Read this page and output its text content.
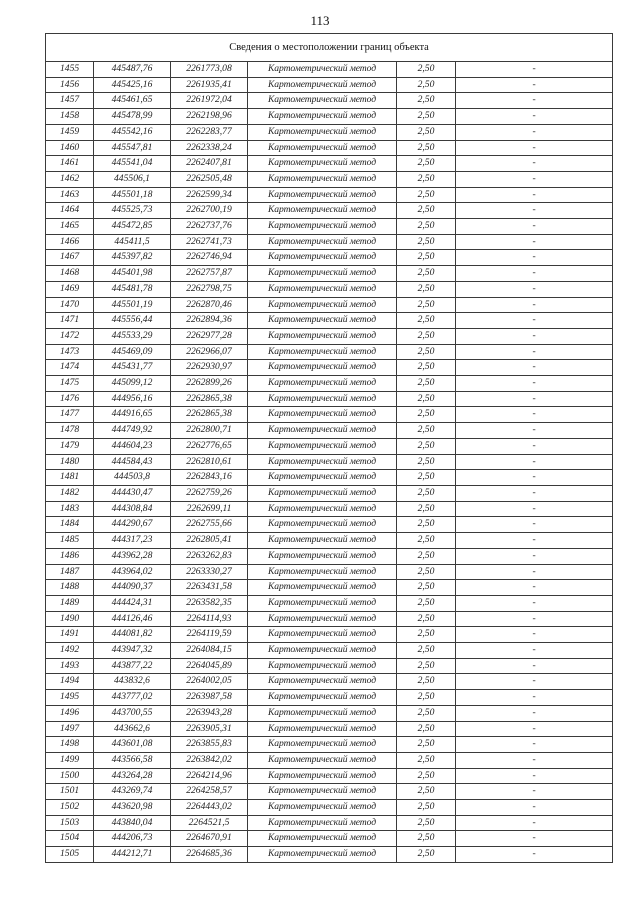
113
Сведения о местоположении границ объекта					
1455	445487,76	2261773,08	Картометрический метод	2,50	-
1456	445425,16	2261935,41	Картометрический метод	2,50	-
1457	445461,65	2261972,04	Картометрический метод	2,50	-
1458	445478,99	2262198,96	Картометрический метод	2,50	-
1459	445542,16	2262283,77	Картометрический метод	2,50	-
1460	445547,81	2262338,24	Картометрический метод	2,50	-
1461	445541,04	2262407,81	Картометрический метод	2,50	-
1462	445506,1	2262505,48	Картометрический метод	2,50	-
1463	445501,18	2262599,34	Картометрический метод	2,50	-
1464	445525,73	2262700,19	Картометрический метод	2,50	-
1465	445472,85	2262737,76	Картометрический метод	2,50	-
1466	445411,5	2262741,73	Картометрический метод	2,50	-
1467	445397,82	2262746,94	Картометрический метод	2,50	-
1468	445401,98	2262757,87	Картометрический метод	2,50	-
1469	445481,78	2262798,75	Картометрический метод	2,50	-
1470	445501,19	2262870,46	Картометрический метод	2,50	-
1471	445556,44	2262894,36	Картометрический метод	2,50	-
1472	445533,29	2262977,28	Картометрический метод	2,50	-
1473	445469,09	2262966,07	Картометрический метод	2,50	-
1474	445431,77	2262930,97	Картометрический метод	2,50	-
1475	445099,12	2262899,26	Картометрический метод	2,50	-
1476	444956,16	2262865,38	Картометрический метод	2,50	-
1477	444916,65	2262865,38	Картометрический метод	2,50	-
1478	444749,92	2262800,71	Картометрический метод	2,50	-
1479	444604,23	2262776,65	Картометрический метод	2,50	-
1480	444584,43	2262810,61	Картометрический метод	2,50	-
1481	444503,8	2262843,16	Картометрический метод	2,50	-
1482	444430,47	2262759,26	Картометрический метод	2,50	-
1483	444308,84	2262699,11	Картометрический метод	2,50	-
1484	444290,67	2262755,66	Картометрический метод	2,50	-
1485	444317,23	2262805,41	Картометрический метод	2,50	-
1486	443962,28	2263262,83	Картометрический метод	2,50	-
1487	443964,02	2263330,27	Картометрический метод	2,50	-
1488	444090,37	2263431,58	Картометрический метод	2,50	-
1489	444424,31	2263582,35	Картометрический метод	2,50	-
1490	444126,46	2264114,93	Картометрический метод	2,50	-
1491	444081,82	2264119,59	Картометрический метод	2,50	-
1492	443947,32	2264084,15	Картометрический метод	2,50	-
1493	443877,22	2264045,89	Картометрический метод	2,50	-
1494	443832,6	2264002,05	Картометрический метод	2,50	-
1495	443777,02	2263987,58	Картометрический метод	2,50	-
1496	443700,55	2263943,28	Картометрический метод	2,50	-
1497	443662,6	2263905,31	Картометрический метод	2,50	-
1498	443601,08	2263855,83	Картометрический метод	2,50	-
1499	443566,58	2263842,02	Картометрический метод	2,50	-
1500	443264,28	2264214,96	Картометрический метод	2,50	-
1501	443269,74	2264258,57	Картометрический метод	2,50	-
1502	443620,98	2264443,02	Картометрический метод	2,50	-
1503	443840,04	2264521,5	Картометрический метод	2,50	-
1504	444206,73	2264670,91	Картометрический метод	2,50	-
1505	444212,71	2264685,36	Картометрический метод	2,50	-
